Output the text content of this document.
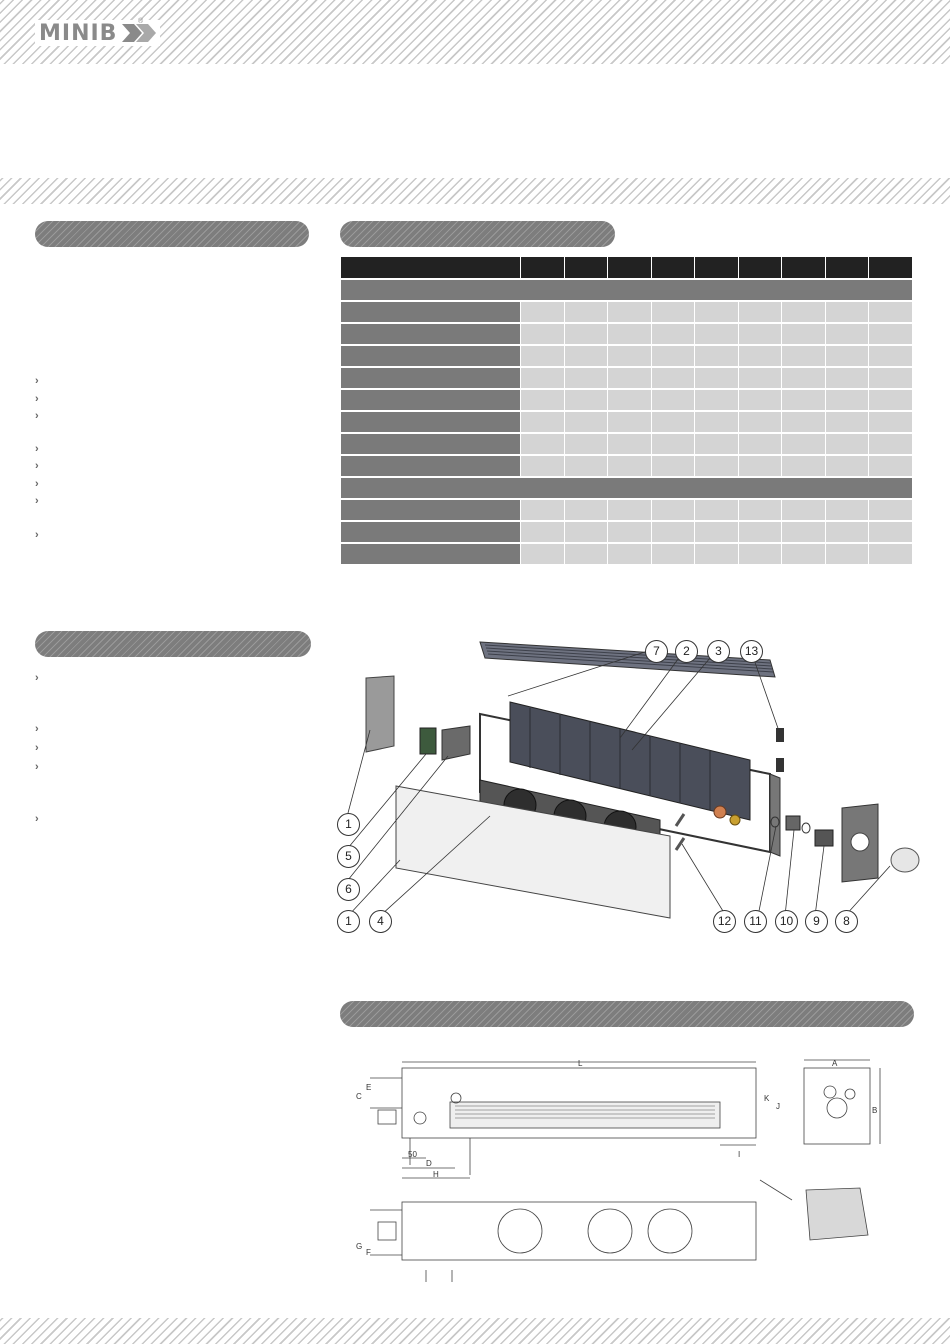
MINIB	®
›
›
›
›
›
›
›
›
›
›
›
›
›

7	2	3	13
1
5
6
1	4	12	11	10	9	8
L	A
B
C
D
E
F
G
H
I
J
K
50
